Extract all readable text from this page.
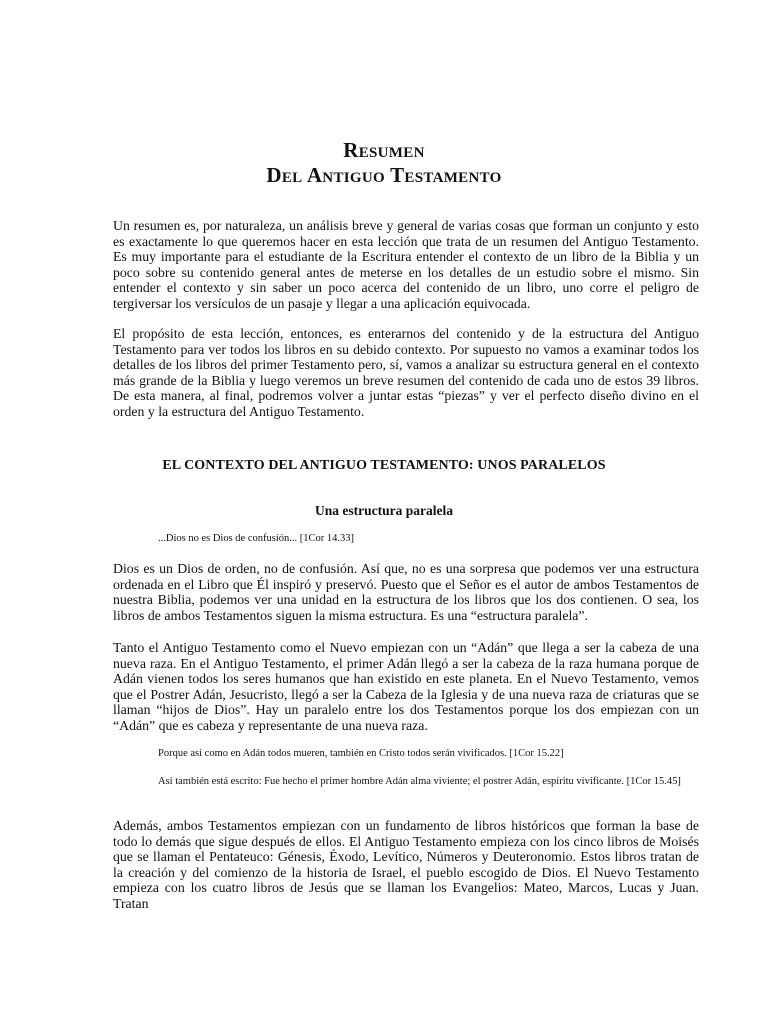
Resumen
Del Antiguo Testamento

Un resumen es, por naturaleza, un análisis breve y general de varias cosas que forman un conjunto y esto es exactamente lo que queremos hacer en esta lección que trata de un resumen del Antiguo Testamento. Es muy importante para el estudiante de la Escritura entender el contexto de un libro de la Biblia y un poco sobre su contenido general antes de meterse en los detalles de un estudio sobre el mismo. Sin entender el contexto y sin saber un poco acerca del contenido de un libro, uno corre el peligro de tergiversar los versículos de un pasaje y llegar a una aplicación equivocada.

El propósito de esta lección, entonces, es enterarnos del contenido y de la estructura del Antiguo Testamento para ver todos los libros en su debido contexto. Por supuesto no vamos a examinar todos los detalles de los libros del primer Testamento pero, sí, vamos a analizar su estructura general en el contexto más grande de la Biblia y luego veremos un breve resumen del contenido de cada uno de estos 39 libros. De esta manera, al final, podremos volver a juntar estas “piezas” y ver el perfecto diseño divino en el orden y la estructura del Antiguo Testamento.

EL CONTEXTO DEL ANTIGUO TESTAMENTO: UNOS PARALELOS
Una estructura paralela
...Dios no es Dios de confusión... [1Cor 14.33]

Dios es un Dios de orden, no de confusión. Así que, no es una sorpresa que podemos ver una estructura ordenada en el Libro que Él inspiró y preservó. Puesto que el Señor es el autor de ambos Testamentos de nuestra Biblia, podemos ver una unidad en la estructura de los libros que los dos contienen. O sea, los libros de ambos Testamentos siguen la misma estructura. Es una “estructura paralela”.

Tanto el Antiguo Testamento como el Nuevo empiezan con un “Adán” que llega a ser la cabeza de una nueva raza. En el Antiguo Testamento, el primer Adán llegó a ser la cabeza de la raza humana porque de Adán vienen todos los seres humanos que han existido en este planeta. En el Nuevo Testamento, vemos que el Postrer Adán, Jesucristo, llegó a ser la Cabeza de la Iglesia y de una nueva raza de criaturas que se llaman “hijos de Dios”. Hay un paralelo entre los dos Testamentos porque los dos empiezan con un “Adán” que es cabeza y representante de una nueva raza.

Porque así como en Adán todos mueren, también en Cristo todos serán vivificados. [1Cor 15.22]
Así también está escrito: Fue hecho el primer hombre Adán alma viviente; el postrer Adán, espíritu vivificante. [1Cor 15.45]

Además, ambos Testamentos empiezan con un fundamento de libros históricos que forman la base de todo lo demás que sigue después de ellos. El Antiguo Testamento empieza con los cinco libros de Moisés que se llaman el Pentateuco: Génesis, Éxodo, Levítico, Números y Deuteronomio. Estos libros tratan de la creación y del comienzo de la historia de Israel, el pueblo escogido de Dios. El Nuevo Testamento empieza con los cuatro libros de Jesús que se llaman los Evangelios: Mateo, Marcos, Lucas y Juan. Tratan
